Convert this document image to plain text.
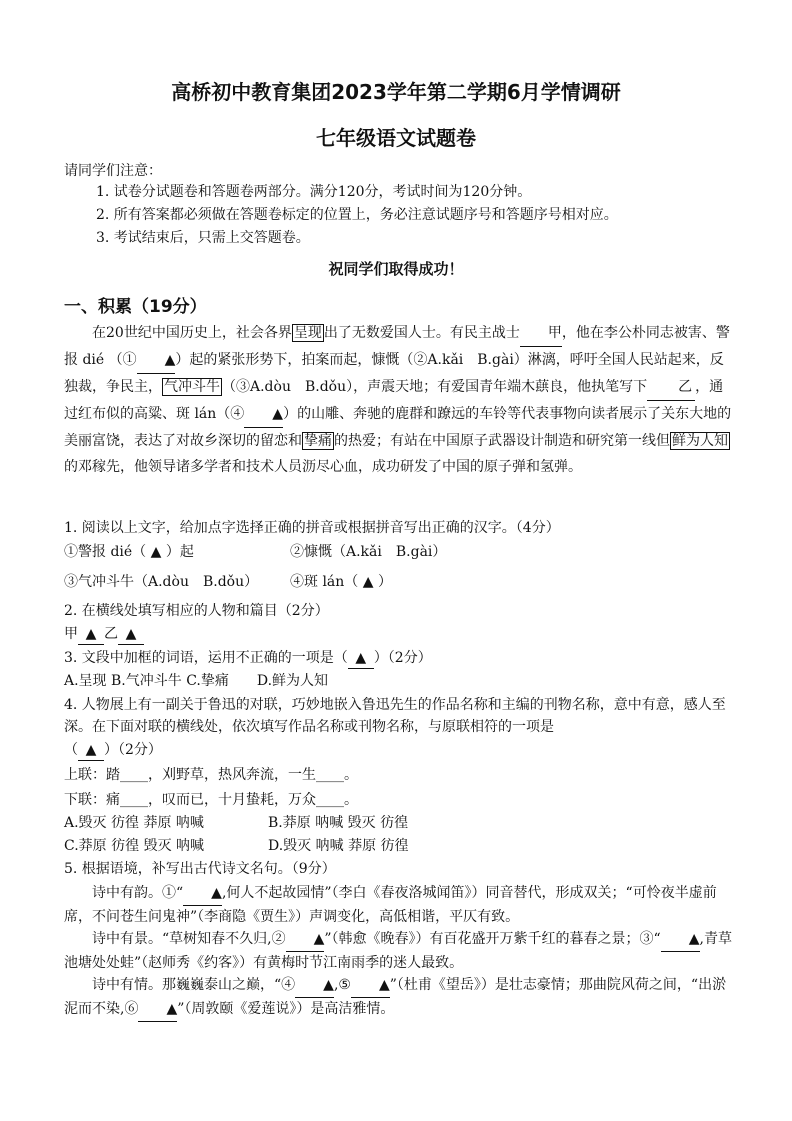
高桥初中教育集团2023学年第二学期6月学情调研
七年级语文试题卷
请同学们注意：
1. 试卷分试题卷和答题卷两部分。满分120分，考试时间为120分钟。
2. 所有答案都必须做在答题卷标定的位置上，务必注意试题序号和答题序号相对应。
3. 考试结束后，只需上交答题卷。
祝同学们取得成功！
一、积累（19分）
在20世纪中国历史上，社会各界 呈现 出了无数爱国人士。有民主战士 甲，他在李公朴同志被害、警报 dié （① ▲）起的紧张形势下，拍案而起，慷慨（②A.kǎi　B.gài）淋漓，呼吁全国人民站起来，反独裁，争民主， 气冲斗牛 （③A.dòu　B.dǒu），声震天地；有爱国青年端木蕻良，他执笔写下 乙 ，通过红布似的高粱、斑 lán（④ ▲）的山雕、奔驰的鹿群和蹽远的车铃等代表事物向读者展示了关东大地的美丽富饶，表达了对故乡深切的留恋和 挚痛 的热爱；有站在中国原子武器设计制造和研究第一线但 鲜为人知的邓稼先，他领导诸多学者和技术人员沥尽心血，成功研发了中国的原子弹和氢弹。
1. 阅读以上文字，给加点字选择正确的拼音或根据拼音写出正确的汉字。（4分）
①警报 dié（ ▲ ）起	②慷慨（A.kǎi　B.gài）
③气冲斗牛（A.dòu　B.dǒu） ④斑 lán（ ▲ ）
2. 在横线处填写相应的人物和篇目（2分）
甲 ▲ 乙 ▲
3. 文段中加框的词语，运用不正确的一项是（ ▲ ）（2分）
A.呈现 B.气冲斗牛 C.挚痛　　D.鲜为人知
4. 人物展上有一副关于鲁迅的对联，巧妙地嵌入鲁迅先生的作品名称和主编的刊物名称，意中有意，感人至深。在下面对联的横线处，依次填写作品名称或刊物名称，与原联相符的一项是
（ ▲ ）（2分）
上联：踏____，刈野草，热风奔流，一生____。
下联：痛____，叹而已，十月蛰耗，万众____。
A.毁灭 彷徨 莽原 呐喊	B.莽原 呐喊 毁灭 彷徨
C.莽原 彷徨 毁灭 呐喊	D.毁灭 呐喊 莽原 彷徨
5. 根据语境，补写出古代诗文名句。（9分）
诗中有韵。①“ ▲,何人不起故园情”（李白《春夜洛城闻笛》）同音替代，形成双关；“可怜夜半虚前席，不问苍生问鬼神”（李商隐《贾生》）声调变化，高低相谐，平仄有致。
诗中有景。“草树知春不久归,② ▲”（韩愈《晚春》）有百花盛开万紫千红的暮春之景；③“ ▲,青草池塘处处蛙”（赵师秀《约客》）有黄梅时节江南雨季的迷人最致。
诗中有情。那巍巍泰山之巅，“④ ▲,⑤ ▲”（杜甫《望岳》）是壮志豪情；那曲院风荷之间，“出淤泥而不染,⑥ ▲”（周敦颐《爱莲说》）是高洁雅情。
